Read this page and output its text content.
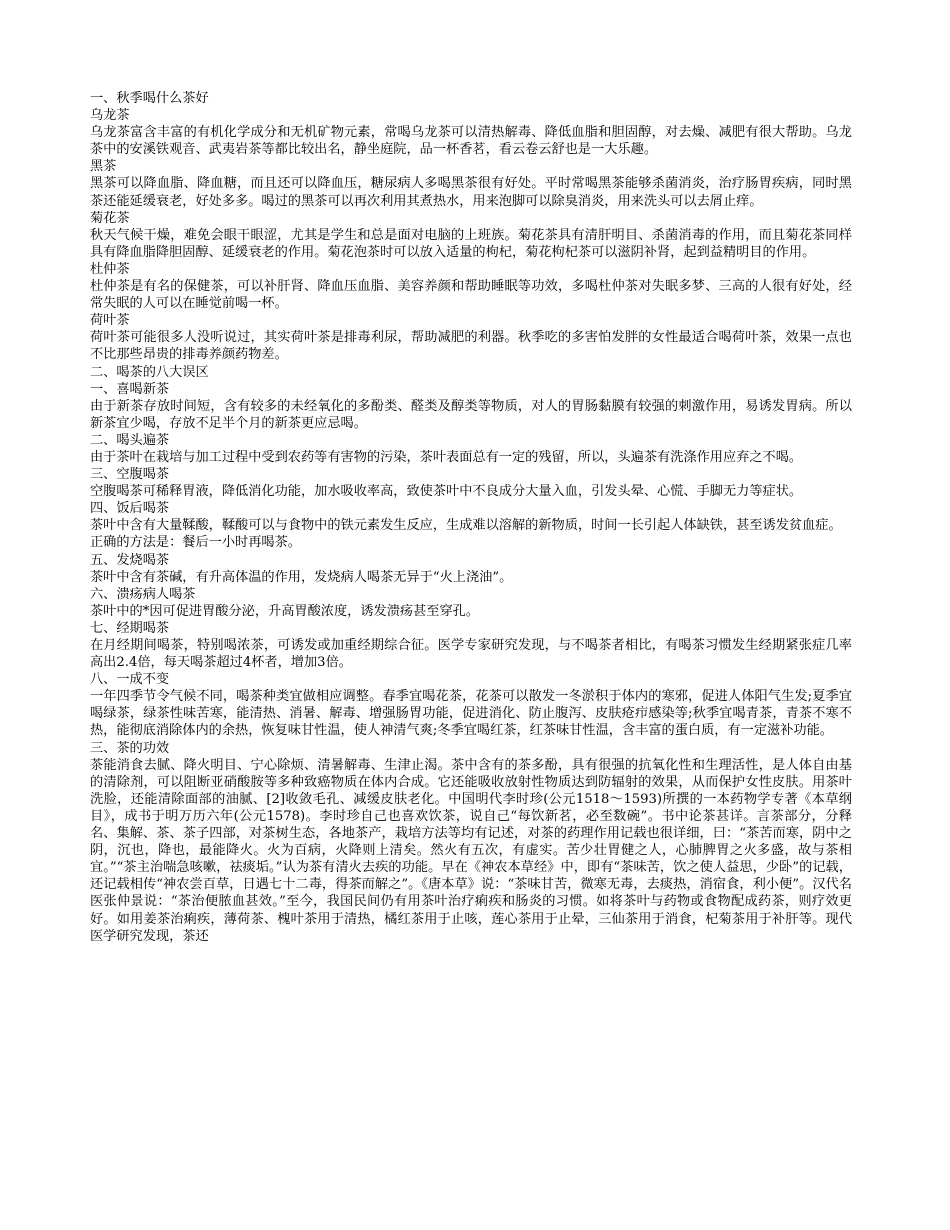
一、秋季喝什么茶好

乌龙茶

乌龙茶富含丰富的有机化学成分和无机矿物元素，常喝乌龙茶可以清热解毒、降低血脂和胆固醇，对去燥、减肥有很大帮助。乌龙茶中的安溪铁观音、武夷岩茶等都比较出名，静坐庭院，品一杯香茗，看云卷云舒也是一大乐趣。

黑茶

黑茶可以降血脂、降血糖，而且还可以降血压，糖尿病人多喝黑茶很有好处。平时常喝黑茶能够杀菌消炎，治疗肠胃疾病，同时黑茶还能延缓衰老，好处多多。喝过的黑茶可以再次利用其煮热水，用来泡脚可以除臭消炎，用来洗头可以去屑止痒。

菊花茶

秋天气候干燥，难免会眼干眼涩，尤其是学生和总是面对电脑的上班族。菊花茶具有清肝明目、杀菌消毒的作用，而且菊花茶同样具有降血脂降胆固醇、延缓衰老的作用。菊花泡茶时可以放入适量的枸杞，菊花枸杞茶可以滋阴补肾，起到益精明目的作用。

杜仲茶

杜仲茶是有名的保健茶，可以补肝肾、降血压血脂、美容养颜和帮助睡眠等功效，多喝杜仲茶对失眠多梦、三高的人很有好处，经常失眠的人可以在睡觉前喝一杯。

荷叶茶

荷叶茶可能很多人没听说过，其实荷叶茶是排毒利尿，帮助减肥的利器。秋季吃的多害怕发胖的女性最适合喝荷叶茶，效果一点也不比那些昂贵的排毒养颜药物差。

二、喝茶的八大误区

一、喜喝新茶

由于新茶存放时间短，含有较多的未经氧化的多酚类、醛类及醇类等物质，对人的胃肠黏膜有较强的刺激作用，易诱发胃病。所以新茶宜少喝，存放不足半个月的新茶更应忌喝。

二、喝头遍茶

由于茶叶在栽培与加工过程中受到农药等有害物的污染，茶叶表面总有一定的残留，所以，头遍茶有洗涤作用应弃之不喝。

三、空腹喝茶

空腹喝茶可稀释胃液，降低消化功能，加水吸收率高，致使茶叶中不良成分大量入血，引发头晕、心慌、手脚无力等症状。

四、饭后喝茶

茶叶中含有大量鞣酸，鞣酸可以与食物中的铁元素发生反应，生成难以溶解的新物质，时间一长引起人体缺铁，甚至诱发贫血症。

正确的方法是：餐后一小时再喝茶。

五、发烧喝茶

茶叶中含有茶碱，有升高体温的作用，发烧病人喝茶无异于“火上浇油”。

六、溃疡病人喝茶

茶叶中的*因可促进胃酸分泌，升高胃酸浓度，诱发溃疡甚至穿孔。

七、经期喝茶

在月经期间喝茶，特别喝浓茶，可诱发或加重经期综合征。医学专家研究发现，与不喝茶者相比，有喝茶习惯发生经期紧张症几率高出2.4倍，每天喝茶超过4杯者，增加3倍。

八、一成不变

一年四季节令气候不同，喝茶种类宜做相应调整。春季宜喝花茶，花茶可以散发一冬淤积于体内的寒邪，促进人体阳气生发;夏季宜喝绿茶，绿茶性味苦寒，能清热、消暑、解毒、增强肠胃功能，促进消化、防止腹泻、皮肤疮疖感染等;秋季宜喝青茶，青茶不寒不热，能彻底消除体内的余热，恢复味甘性温，使人神清气爽;冬季宜喝红茶，红茶味甘性温，含丰富的蛋白质，有一定滋补功能。

三、茶的功效

茶能消食去腻、降火明目、宁心除烦、清暑解毒、生津止渴。茶中含有的茶多酚，具有很强的抗氧化性和生理活性，是人体自由基的清除剂，可以阻断亚硝酸胺等多种致癌物质在体内合成。它还能吸收放射性物质达到防辐射的效果，从而保护女性皮肤。用茶叶洗脸，还能清除面部的油腻、[2]收敛毛孔、减缓皮肤老化。中国明代李时珍(公元1518～1593)所撰的一本药物学专著《本草纲目》，成书于明万历六年(公元1578)。李时珍自己也喜欢饮茶，说自己“每饮新茗，必至数碗”。书中论茶甚详。言茶部分，分释名、集解、茶、茶子四部，对茶树生态，各地茶产，栽培方法等均有记述，对茶的药理作用记载也很详细，曰：“茶苦而寒，阴中之阴，沉也，降也，最能降火。火为百病，火降则上清矣。然火有五次，有虚实。苦少壮胃健之人，心肺脾胃之火多盛，故与茶相宜。”“茶主治喘急咳嗽，祛痰垢。”认为茶有清火去疾的功能。早在《神农本草经》中，即有“茶味苦，饮之使人益思，少卧”的记载，还记载相传“神农尝百草，日遇七十二毒，得茶而解之”。《唐本草》说：“茶味甘苦，微寒无毒，去痰热，消宿食，利小便”。汉代名医张仲景说：“茶治便脓血甚效。”至今，我国民间仍有用茶叶治疗痢疾和肠炎的习惯。如将茶叶与药物或食物配成药茶，则疗效更好。如用姜茶治痢疾，薄荷茶、槐叶茶用于清热，橘红茶用于止咳，莲心茶用于止晕，三仙茶用于消食，杞菊茶用于补肝等。现代医学研究发现，茶还
